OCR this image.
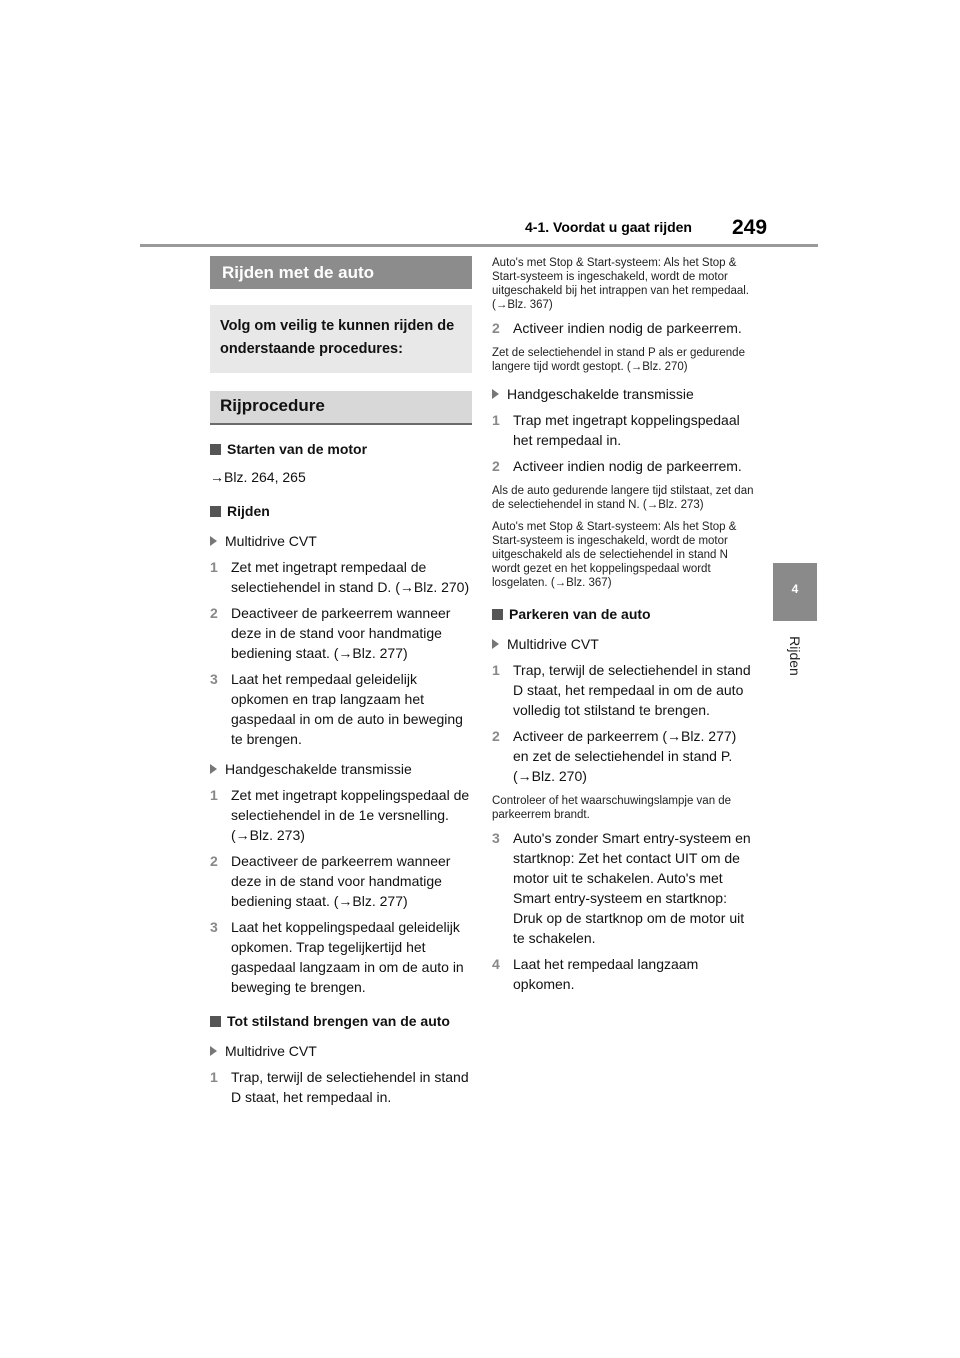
4-1. Voordat u gaat rijden 249
4
Rijden
Rijden met de auto
Volg om veilig te kunnen rijden de onderstaande procedures:
Rijprocedure
Starten van de motor
→Blz. 264, 265
Rijden
Multidrive CVT
1 Zet met ingetrapt rempedaal de selectiehendel in stand D. (→Blz. 270)
2 Deactiveer de parkeerrem wanneer deze in de stand voor handmatige bediening staat. (→Blz. 277)
3 Laat het rempedaal geleidelijk opkomen en trap langzaam het gaspedaal in om de auto in beweging te brengen.
Handgeschakelde transmissie
1 Zet met ingetrapt koppelingspedaal de selectiehendel in de 1e versnelling. (→Blz. 273)
2 Deactiveer de parkeerrem wanneer deze in de stand voor handmatige bediening staat. (→Blz. 277)
3 Laat het koppelingspedaal geleidelijk opkomen. Trap tegelijkertijd het gaspedaal langzaam in om de auto in beweging te brengen.
Tot stilstand brengen van de auto
Multidrive CVT
1 Trap, terwijl de selectiehendel in stand D staat, het rempedaal in.
Auto's met Stop & Start-systeem: Als het Stop & Start-systeem is ingeschakeld, wordt de motor uitgeschakeld bij het intrappen van het rempedaal. (→Blz. 367)
2 Activeer indien nodig de parkeerrem.
Zet de selectiehendel in stand P als er gedurende langere tijd wordt gestopt. (→Blz. 270)
Handgeschakelde transmissie
1 Trap met ingetrapt koppelingspedaal het rempedaal in.
2 Activeer indien nodig de parkeerrem.
Als de auto gedurende langere tijd stilstaat, zet dan de selectiehendel in stand N. (→Blz. 273)
Auto's met Stop & Start-systeem: Als het Stop & Start-systeem is ingeschakeld, wordt de motor uitgeschakeld als de selectiehendel in stand N wordt gezet en het koppelingspedaal wordt losgelaten. (→Blz. 367)
Parkeren van de auto
Multidrive CVT
1 Trap, terwijl de selectiehendel in stand D staat, het rempedaal in om de auto volledig tot stilstand te brengen.
2 Activeer de parkeerrem (→Blz. 277) en zet de selectiehendel in stand P. (→Blz. 270)
Controleer of het waarschuwingslampje van de parkeerrem brandt.
3 Auto's zonder Smart entry-systeem en startknop: Zet het contact UIT om de motor uit te schakelen. Auto's met Smart entry-systeem en startknop: Druk op de startknop om de motor uit te schakelen.
4 Laat het rempedaal langzaam opkomen.
